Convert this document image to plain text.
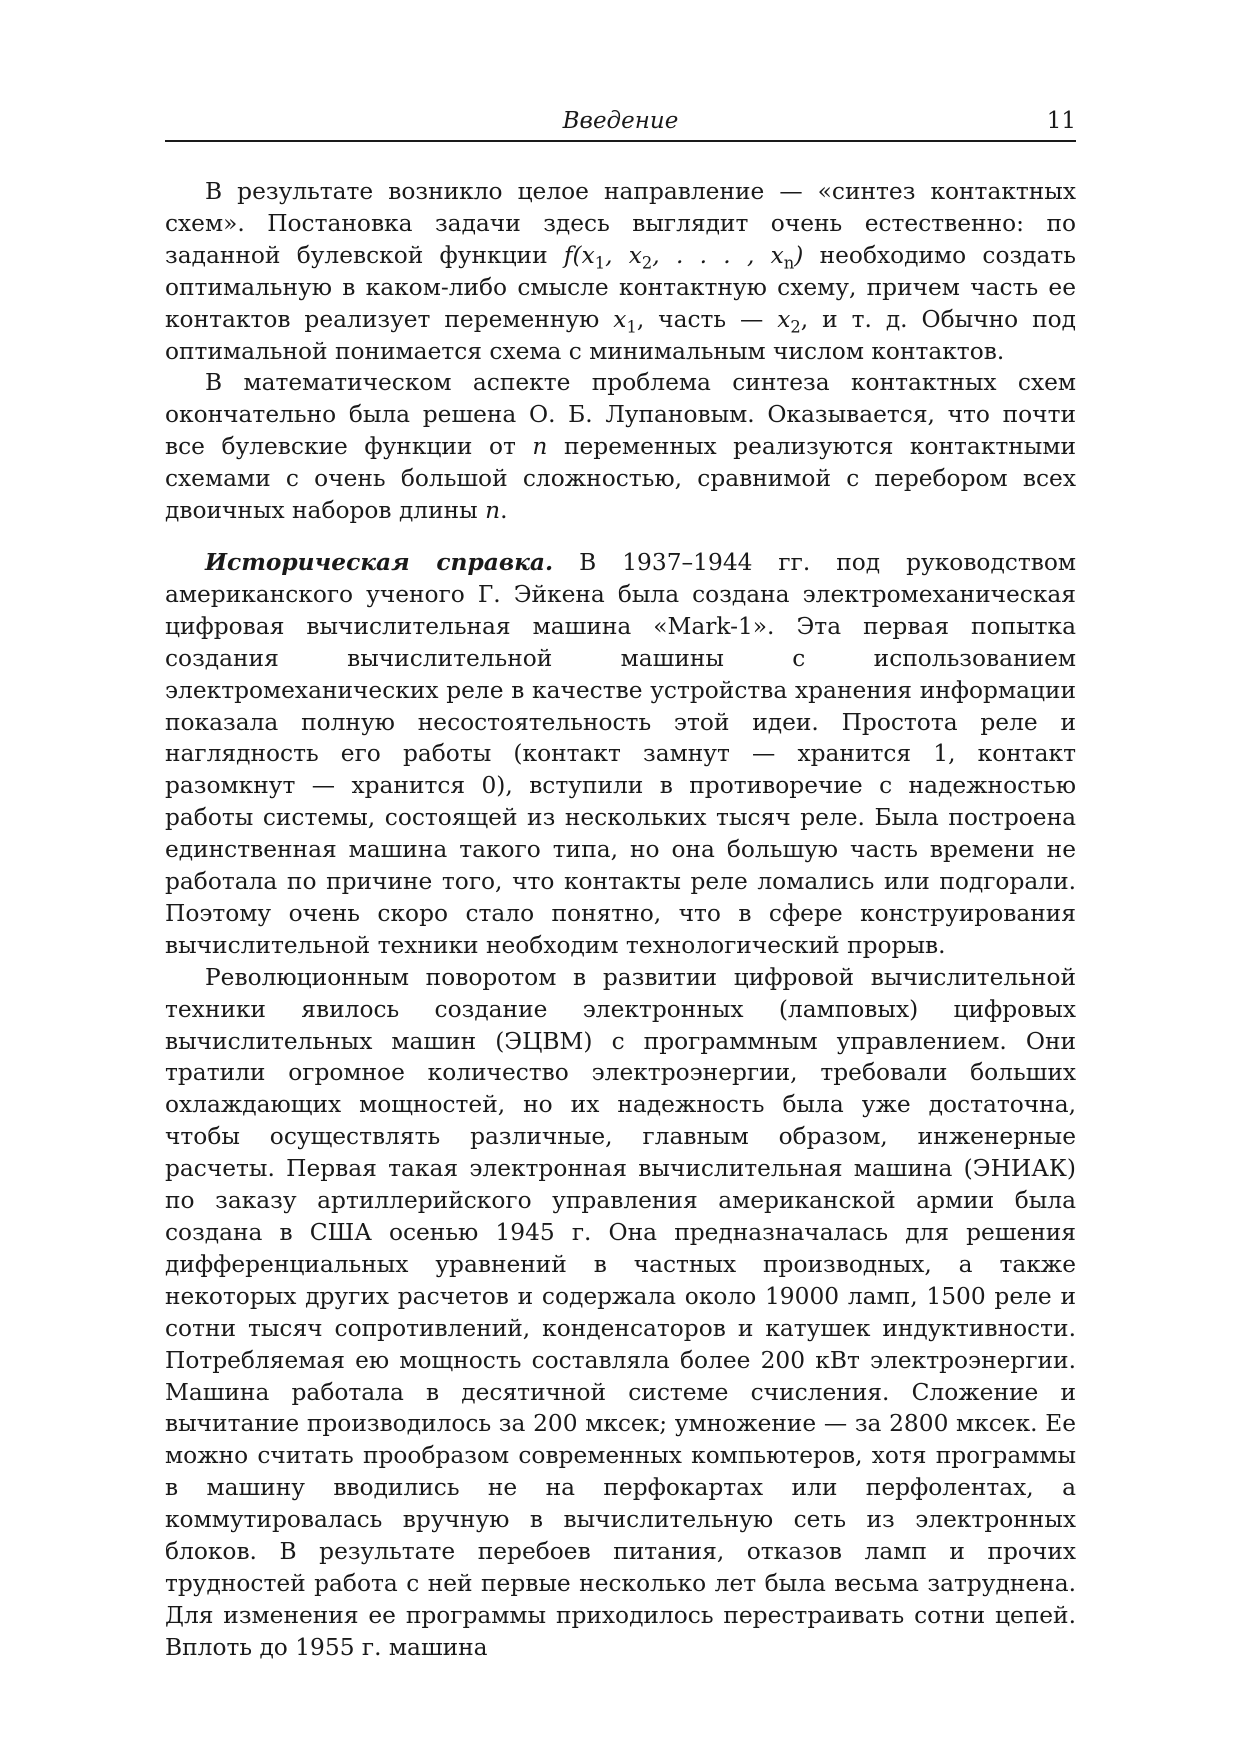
Введение	11

В результате возникло целое направление — «синтез контактных схем». Постановка задачи здесь выглядит очень естественно: по заданной булевской функции $f(x_1$, $x_2$, . . . , $x_n$) необходимо создать оптимальную в каком-либо смысле контактную схему, причем часть ее контактов реализует переменную $x_1$, часть — $x_2$, и т. д. Обычно под оптимальной понимается схема с минимальным числом контактов.

В математическом аспекте проблема синтеза контактных схем окончательно была решена О. Б. Лупановым. Оказывается, что почти все булевские функции от n переменных реализуются контактными схемами с очень большой сложностью, сравнимой с перебором всех двоичных наборов длины n.

Историческая справка. В 1937–1944 гг. под руководством американского ученого Г. Эйкена была создана электромеханическая цифровая вычислительная машина «Mark-1». Эта первая попытка создания вычислительной машины с использованием электромеханических реле в качестве устройства хранения информации показала полную несостоятельность этой идеи. Простота реле и наглядность его работы (контакт замнут — хранится 1, контакт разомкнут — хранится 0), вступили в противоречие с надежностью работы системы, состоящей из нескольких тысяч реле. Была построена единственная машина такого типа, но она большую часть времени не работала по причине того, что контакты реле ломались или подгорали. Поэтому очень скоро стало понятно, что в сфере конструирования вычислительной техники необходим технологический прорыв.

Революционным поворотом в развитии цифровой вычислительной техники явилось создание электронных (ламповых) цифровых вычислительных машин (ЭЦВМ) с программным управлением. Они тратили огромное количество электроэнергии, требовали больших охлаждающих мощностей, но их надежность была уже достаточна, чтобы осуществлять различные, главным образом, инженерные расчеты. Первая такая электронная вычислительная машина (ЭНИАК) по заказу артиллерийского управления американской армии была создана в США осенью 1945 г. Она предназначалась для решения дифференциальных уравнений в частных производных, а также некоторых других расчетов и содержала около 19000 ламп, 1500 реле и сотни тысяч сопротивлений, конденсаторов и катушек индуктивности. Потребляемая ею мощность составляла более 200 кВт электроэнергии. Машина работала в десятичной системе счисления. Сложение и вычитание производилось за 200 мксек; умножение — за 2800 мксек. Ее можно считать прообразом современных компьютеров, хотя программы в машину вводились не на перфокартах или перфолентах, а коммутировалась вручную в вычислительную сеть из электронных блоков. В результате перебоев питания, отказов ламп и прочих трудностей работа с ней первые несколько лет была весьма затруднена. Для изменения ее программы приходилось перестраивать сотни цепей. Вплоть до 1955 г. машина
